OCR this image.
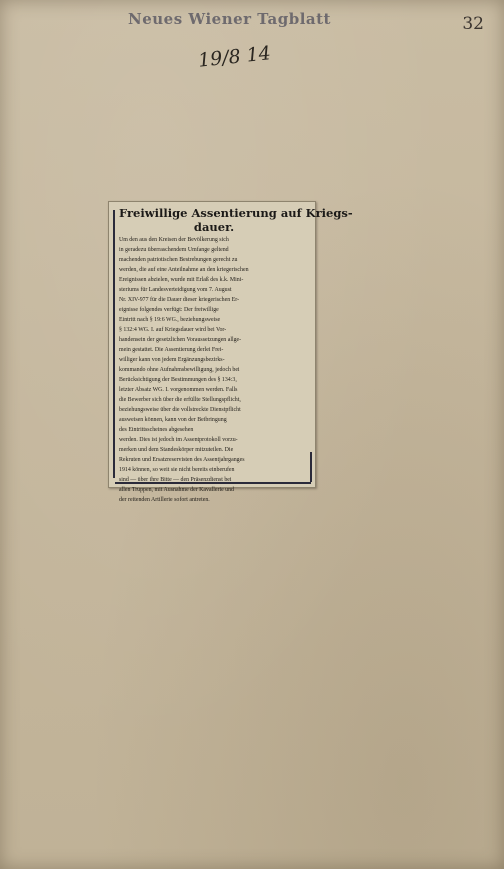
Neues Wiener Tagblatt	32
19/8 14
Freiwillige Assentierung auf Kriegs-
dauer.
Um den aus den Kreisen der Bevölkerung sich
in geradezu überraschendem Umfange geltend
machenden patriotischen Bestrebungen gerecht zu
werden, die auf eine Anteilnahme an den kriegerischen
Ereignissen abzielen, wurde mit Erlaß des k.k. Mini-
steriums für Landesverteidigung vom 7. August
Nr. XIV-977 für die Dauer dieser kriegerischen Er-
eignisse folgendes verfügt: Der freiwillige
Eintritt nach § 19:6 WG., beziehungsweise
§ 132:4 WG. I. auf Kriegsdauer wird bei Vor-
handensein der gesetzlichen Voraussetzungen allge-
mein gestattet. Die Assentierung derlei Frei-
williger kann von jedem Ergänzungsbezirks-
kommando ohne Aufnahmsbewilligung, jedoch bei
Berücksichtigung der Bestimmungen des § 134:3,
letzter Absatz WG. I. vorgenommen werden. Falls
die Bewerber sich über die erfüllte Stellungspflicht,
beziehungsweise über die vollstreckte Dienstpflicht
ausweisen können, kann von der Beibringung
des Eintrittsscheines abgesehen
werden. Dies ist jedoch im Assentprotokoll vorzu-
merken und dem Standeskörper mitzuteilen. Die
Rekruten und Ersatzreservisten des Assentjahrganges
1914 können, so weit sie nicht bereits einberufen
sind — über ihre Bitte — den Präsenzdienst bei
allen Truppen, mit Ausnahme der Kavallerie und
der reitenden Artillerie sofort antreten.
